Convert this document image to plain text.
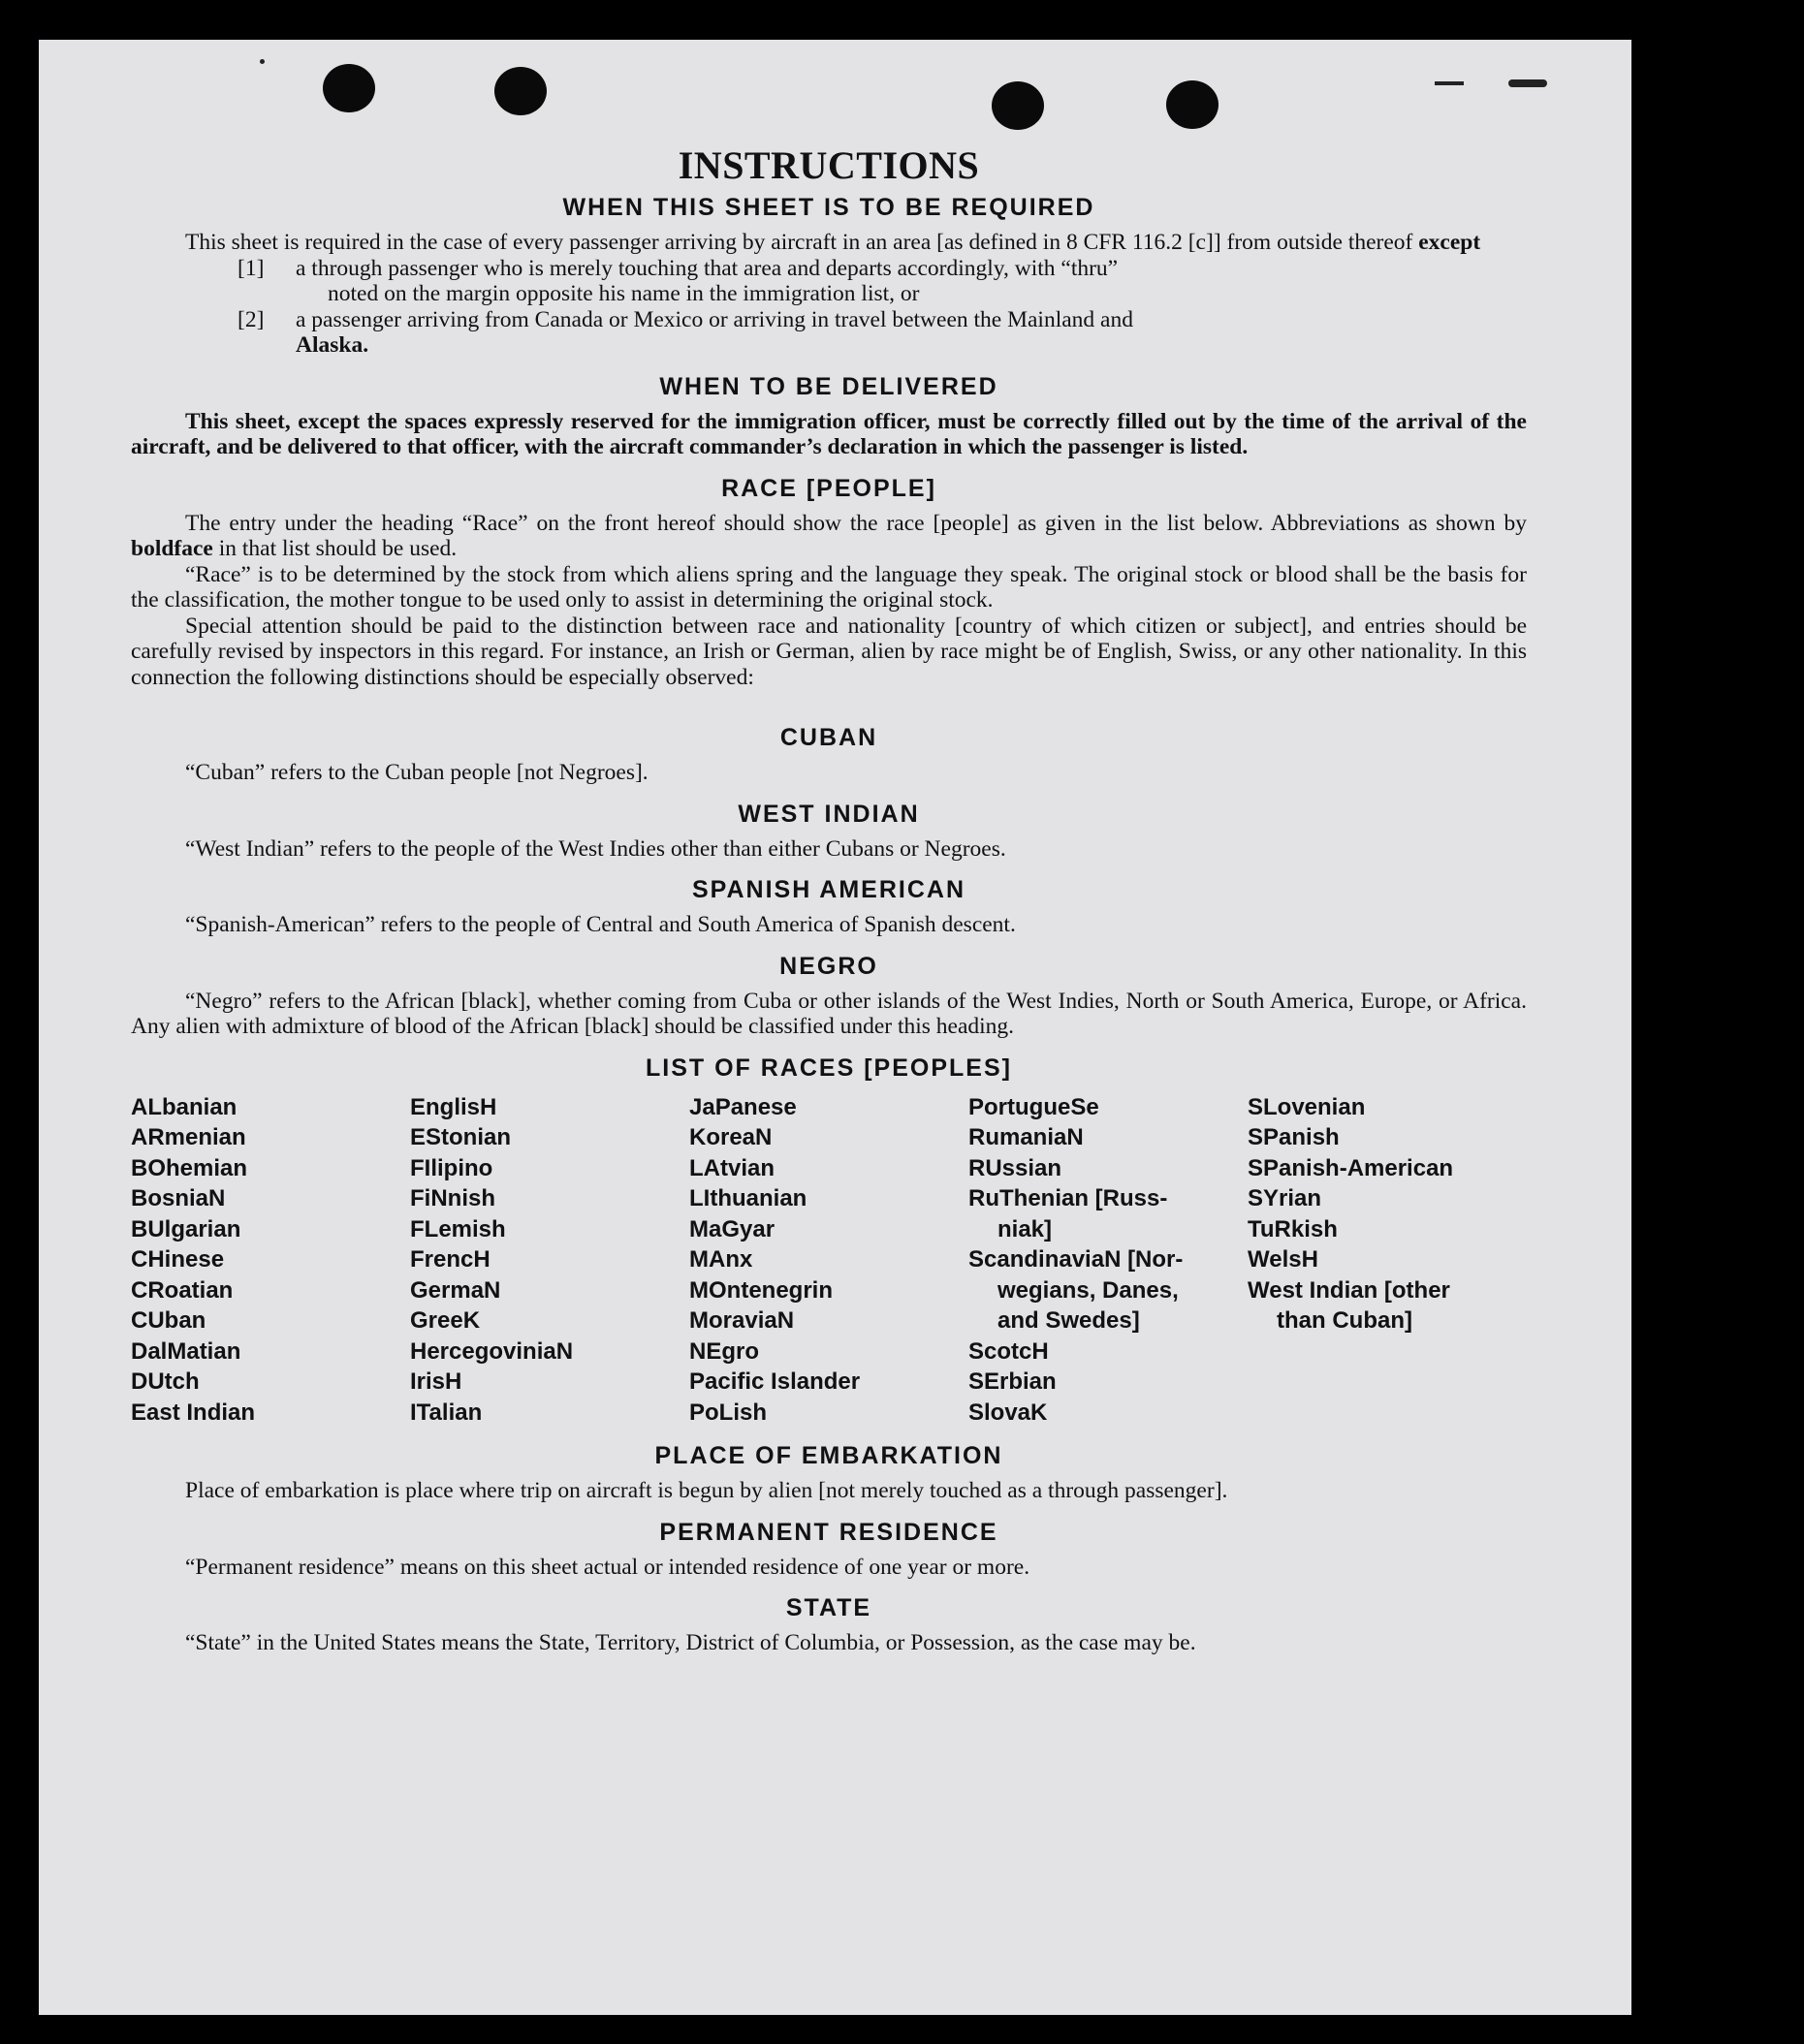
INSTRUCTIONS
WHEN THIS SHEET IS TO BE REQUIRED

This sheet is required in the case of every passenger arriving by aircraft in an area [as defined in 8 CFR 116.2 [c]] from outside thereof except

[1]	a through passenger who is merely touching that area and departs accordingly, with “thru”
noted on the margin opposite his name in the immigration list, or
[2]	a passenger arriving from Canada or Mexico or arriving in travel between the Mainland and
Alaska.
WHEN TO BE DELIVERED

This sheet, except the spaces expressly reserved for the immigration officer, must be correctly filled out by the time of the arrival of the aircraft, and be delivered to that officer, with the aircraft commander’s declaration in which the passenger is listed.

RACE [PEOPLE]

The entry under the heading “Race” on the front hereof should show the race [people] as given in the list below. Abbreviations as shown by boldface in that list should be used.

“Race” is to be determined by the stock from which aliens spring and the language they speak. The original stock or blood shall be the basis for the classification, the mother tongue to be used only to assist in determining the original stock.

Special attention should be paid to the distinction between race and nationality [country of which citizen or subject], and entries should be carefully revised by inspectors in this regard. For instance, an Irish or German, alien by race might be of English, Swiss, or any other nationality. In this connection the following distinctions should be especially observed:

CUBAN

“Cuban” refers to the Cuban people [not Negroes].

WEST INDIAN

“West Indian” refers to the people of the West Indies other than either Cubans or Negroes.

SPANISH AMERICAN

“Spanish-American” refers to the people of Central and South America of Spanish descent.

NEGRO

“Negro” refers to the African [black], whether coming from Cuba or other islands of the West Indies, North or South America, Europe, or Africa. Any alien with admixture of blood of the African [black] should be classified under this heading.

LIST OF RACES [PEOPLES]
ALbanian
ARmenian
BOhemian
BosniaN
BUlgarian
CHinese
CRoatian
CUban
DalMatian
DUtch
East Indian
EnglisH
EStonian
FIlipino
FiNnish
FLemish
FrencH
GermaN
GreeK
HercegoviniaN
IrisH
ITalian
JaPanese
KoreaN
LAtvian
LIthuanian
MaGyar
MAnx
MOntenegrin
MoraviaN
NEgro
Pacific Islander
PoLish
PortugueSe
RumaniaN
RUssian
RuThenian [Russ-
niak]
ScandinaviaN [Nor-
wegians, Danes,
and Swedes]
ScotcH
SErbian
SlovaK
SLovenian
SPanish
SPanish-American
SYrian
TuRkish
WelsH
West Indian [other
than Cuban]
PLACE OF EMBARKATION

Place of embarkation is place where trip on aircraft is begun by alien [not merely touched as a through passenger].

PERMANENT RESIDENCE

“Permanent residence” means on this sheet actual or intended residence of one year or more.

STATE

“State” in the United States means the State, Territory, District of Columbia, or Possession, as the case may be.
